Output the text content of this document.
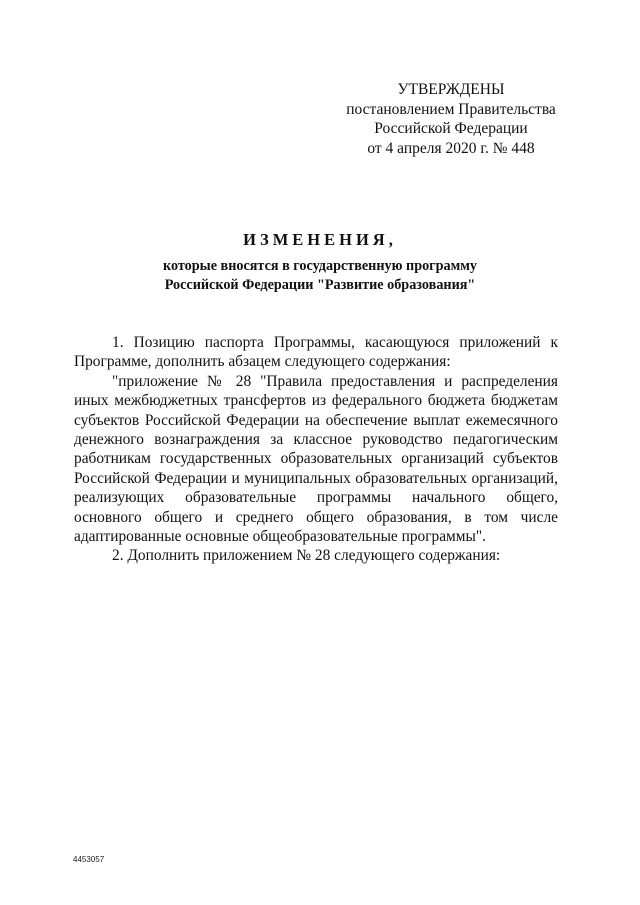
УТВЕРЖДЕНЫ
постановлением Правительства
Российской Федерации
от 4 апреля 2020 г. № 448
ИЗМЕНЕНИЯ,
которые вносятся в государственную программу
Российской Федерации "Развитие образования"

1. Позицию паспорта Программы, касающуюся приложений к Программе, дополнить абзацем следующего содержания:

"приложение № 28 "Правила предоставления и распределения иных межбюджетных трансфертов из федерального бюджета бюджетам субъектов Российской Федерации на обеспечение выплат ежемесячного денежного вознаграждения за классное руководство педагогическим работникам государственных образовательных организаций субъектов Российской Федерации и муниципальных образовательных организаций, реализующих образовательные программы начального общего, основного общего и среднего общего образования, в том числе адаптированные основные общеобразовательные программы".

2. Дополнить приложением № 28 следующего содержания:

4453057
